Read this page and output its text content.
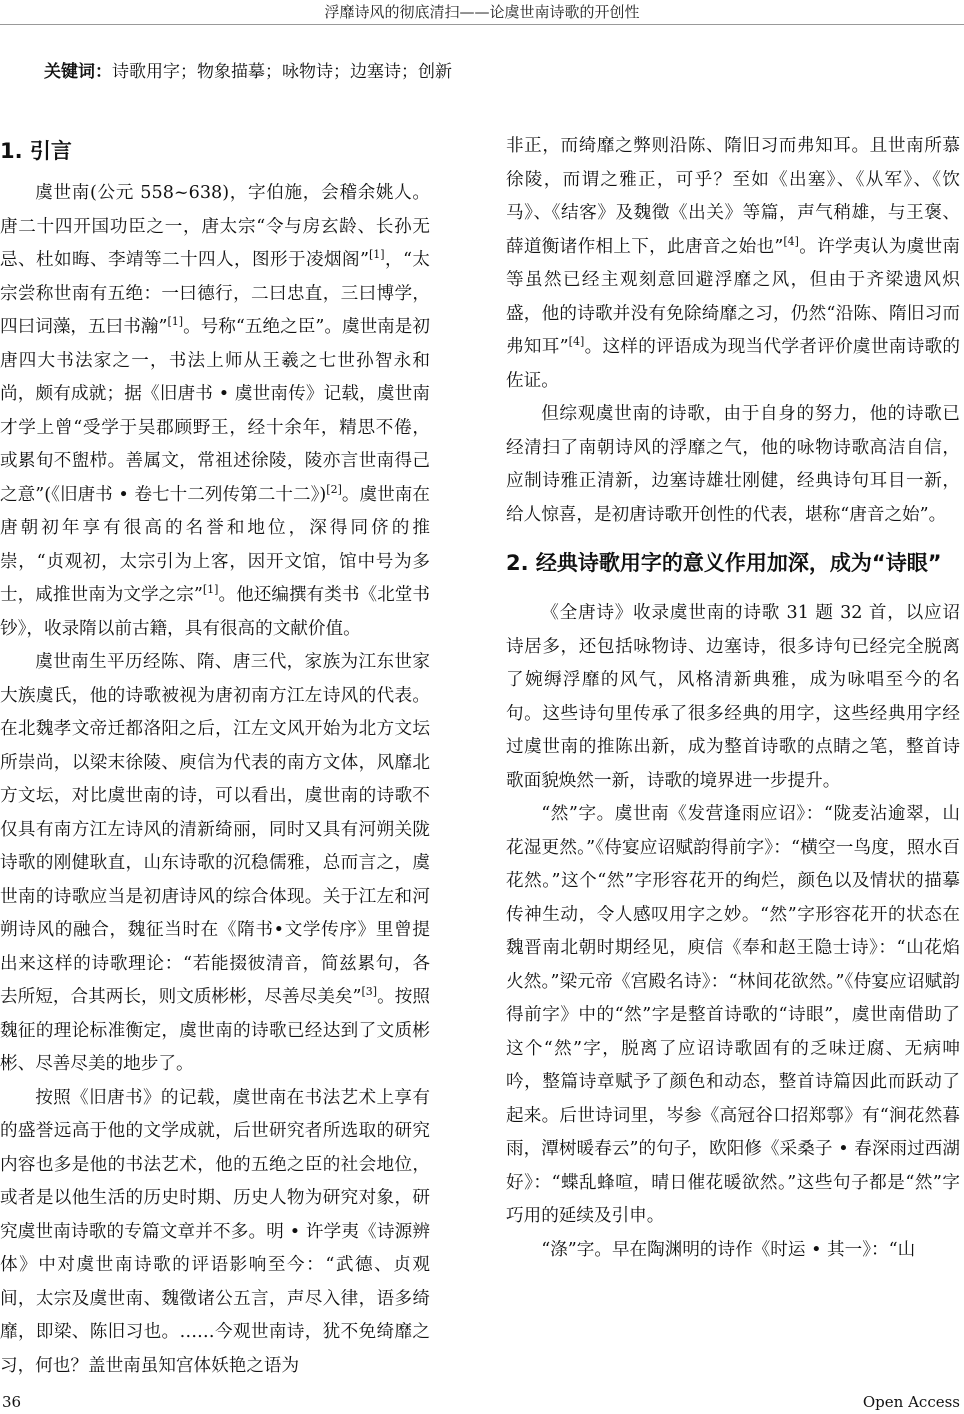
浮靡诗风的彻底清扫——论虞世南诗歌的开创性
关键词：诗歌用字；物象描摹；咏物诗；边塞诗；创新
1. 引言

虞世南(公元 558~638)，字伯施，会稽余姚人。唐二十四开国功臣之一，唐太宗“令与房玄龄、长孙无忌、杜如晦、李靖等二十四人，图形于凌烟阁”[1]，“太宗尝称世南有五绝：一曰德行，二曰忠直，三曰博学，四曰词藻，五曰书瀚”[1]。号称“五绝之臣”。虞世南是初唐四大书法家之一，书法上师从王羲之七世孙智永和尚，颇有成就；据《旧唐书 • 虞世南传》记载，虞世南才学上曾“受学于吴郡顾野王，经十余年，精思不倦，或累旬不盥栉。善属文，常祖述徐陵，陵亦言世南得己之意”(《旧唐书 • 卷七十二列传第二十二》)[2]。虞世南在唐朝初年享有很高的名誉和地位，深得同侪的推崇，“贞观初，太宗引为上客，因开文馆，馆中号为多士，咸推世南为文学之宗”[1]。他还编撰有类书《北堂书钞》，收录隋以前古籍，具有很高的文献价值。

虞世南生平历经陈、隋、唐三代，家族为江东世家大族虞氏，他的诗歌被视为唐初南方江左诗风的代表。在北魏孝文帝迁都洛阳之后，江左文风开始为北方文坛所崇尚，以梁末徐陵、庾信为代表的南方文体，风靡北方文坛，对比虞世南的诗，可以看出，虞世南的诗歌不仅具有南方江左诗风的清新绮丽，同时又具有河朔关陇诗歌的刚健耿直，山东诗歌的沉稳儒雅，总而言之，虞世南的诗歌应当是初唐诗风的综合体现。关于江左和河朔诗风的融合，魏征当时在《隋书•文学传序》里曾提出来这样的诗歌理论：“若能掇彼清音，简兹累句，各去所短，合其两长，则文质彬彬，尽善尽美矣”[3]。按照魏征的理论标准衡定，虞世南的诗歌已经达到了文质彬彬、尽善尽美的地步了。

按照《旧唐书》的记载，虞世南在书法艺术上享有的盛誉远高于他的文学成就，后世研究者所选取的研究内容也多是他的书法艺术，他的五绝之臣的社会地位，或者是以他生活的历史时期、历史人物为研究对象，研究虞世南诗歌的专篇文章并不多。明 • 许学夷《诗源辨体》中对虞世南诗歌的评语影响至今：“武德、贞观间，太宗及虞世南、魏徵诸公五言，声尽入律，语多绮靡，即梁、陈旧习也。……今观世南诗，犹不免绮靡之习，何也？盖世南虽知宫体妖艳之语为

非正，而绮靡之弊则沿陈、隋旧习而弗知耳。且世南所慕徐陵，而谓之雅正，可乎？至如《出塞》、《从军》、《饮马》、《结客》及魏徵《出关》等篇，声气稍雄，与王褒、薛道衡诸作相上下，此唐音之始也”[4]。许学夷认为虞世南等虽然已经主观刻意回避浮靡之风，但由于齐梁遗风炽盛，他的诗歌并没有免除绮靡之习，仍然“沿陈、隋旧习而弗知耳”[4]。这样的评语成为现当代学者评价虞世南诗歌的佐证。

但综观虞世南的诗歌，由于自身的努力，他的诗歌已经清扫了南朝诗风的浮靡之气，他的咏物诗歌高洁自信，应制诗雅正清新，边塞诗雄壮刚健，经典诗句耳目一新，给人惊喜，是初唐诗歌开创性的代表，堪称“唐音之始”。

2. 经典诗歌用字的意义作用加深，成为“诗眼”

《全唐诗》收录虞世南的诗歌 31 题 32 首，以应诏诗居多，还包括咏物诗、边塞诗，很多诗句已经完全脱离了婉缛浮靡的风气，风格清新典雅，成为咏唱至今的名句。这些诗句里传承了很多经典的用字，这些经典用字经过虞世南的推陈出新，成为整首诗歌的点睛之笔，整首诗歌面貌焕然一新，诗歌的境界进一步提升。

“然”字。虞世南《发营逢雨应诏》：“陇麦沾逾翠，山花湿更然。”《侍宴应诏赋韵得前字》：“横空一鸟度，照水百花然。”这个“然”字形容花开的绚烂，颜色以及情状的描摹传神生动，令人感叹用字之妙。“然”字形容花开的状态在魏晋南北朝时期经见，庾信《奉和赵王隐士诗》：“山花焰火然。”梁元帝《宫殿名诗》：“林间花欲然。”《侍宴应诏赋韵得前字》中的“然”字是整首诗歌的“诗眼”，虞世南借助了这个“然”字，脱离了应诏诗歌固有的乏味迂腐、无病呻吟，整篇诗章赋予了颜色和动态，整首诗篇因此而跃动了起来。后世诗词里，岑参《高冠谷口招郑鄠》有“涧花然暮雨，潭树暖春云”的句子，欧阳修《采桑子 • 春深雨过西湖好》：“蝶乱蜂喧，晴日催花暖欲然。”这些句子都是“然”字巧用的延续及引申。

“涤”字。早在陶渊明的诗作《时运 • 其一》：“山

36	Open Access
